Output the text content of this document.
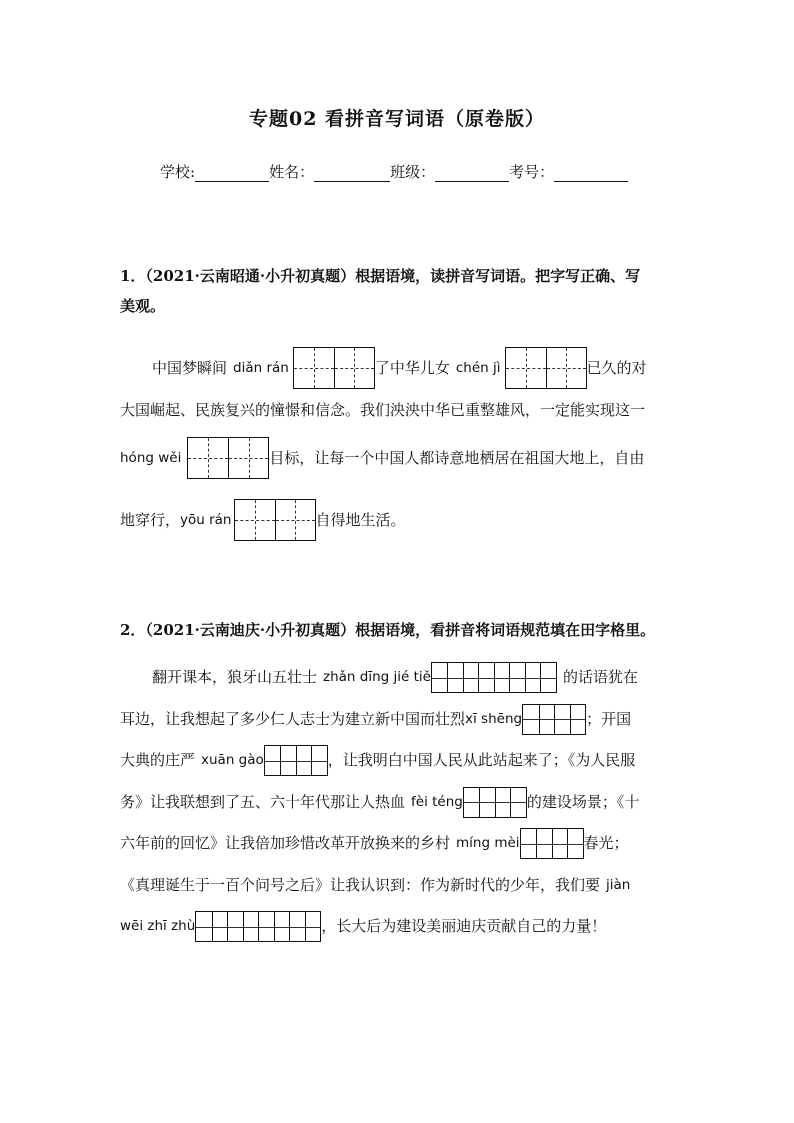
专题02 看拼音写词语（原卷版）
学校:	姓名：	班级：	考号：
1．（2021·云南昭通·小升初真题）根据语境，读拼音写词语。把字写正确、写
美观。
中国梦瞬间 diǎn rán	了中华儿女 chén jì	已久的对
大国崛起、民族复兴的憧憬和信念。我们泱泱中华已重整雄风，一定能实现这一
hóng wěi	目标，让每一个中国人都诗意地栖居在祖国大地上，自由
地穿行， yōu rán	自得地生活。
2．（2021·云南迪庆·小升初真题）根据语境，看拼音将词语规范填在田字格里。
翻开课本，狼牙山五壮士 zhǎn dīng jié tiě	的话语犹在
耳边，让我想起了多少仁人志士为建立新中国而壮烈 xī shēng	；开国
大典的庄严 xuān gào	，让我明白中国人民从此站起来了；《为人民服
务》让我联想到了五、六十年代那让人热血 fèi téng	的建设场景；《十
六年前的回忆》让我倍加珍惜改革开放换来的乡村 míng mèi	春光；
《真理诞生于一百个问号之后》让我认识到：作为新时代的少年，我们要 jiàn
wēi zhī zhù	，长大后为建设美丽迪庆贡献自己的力量！
